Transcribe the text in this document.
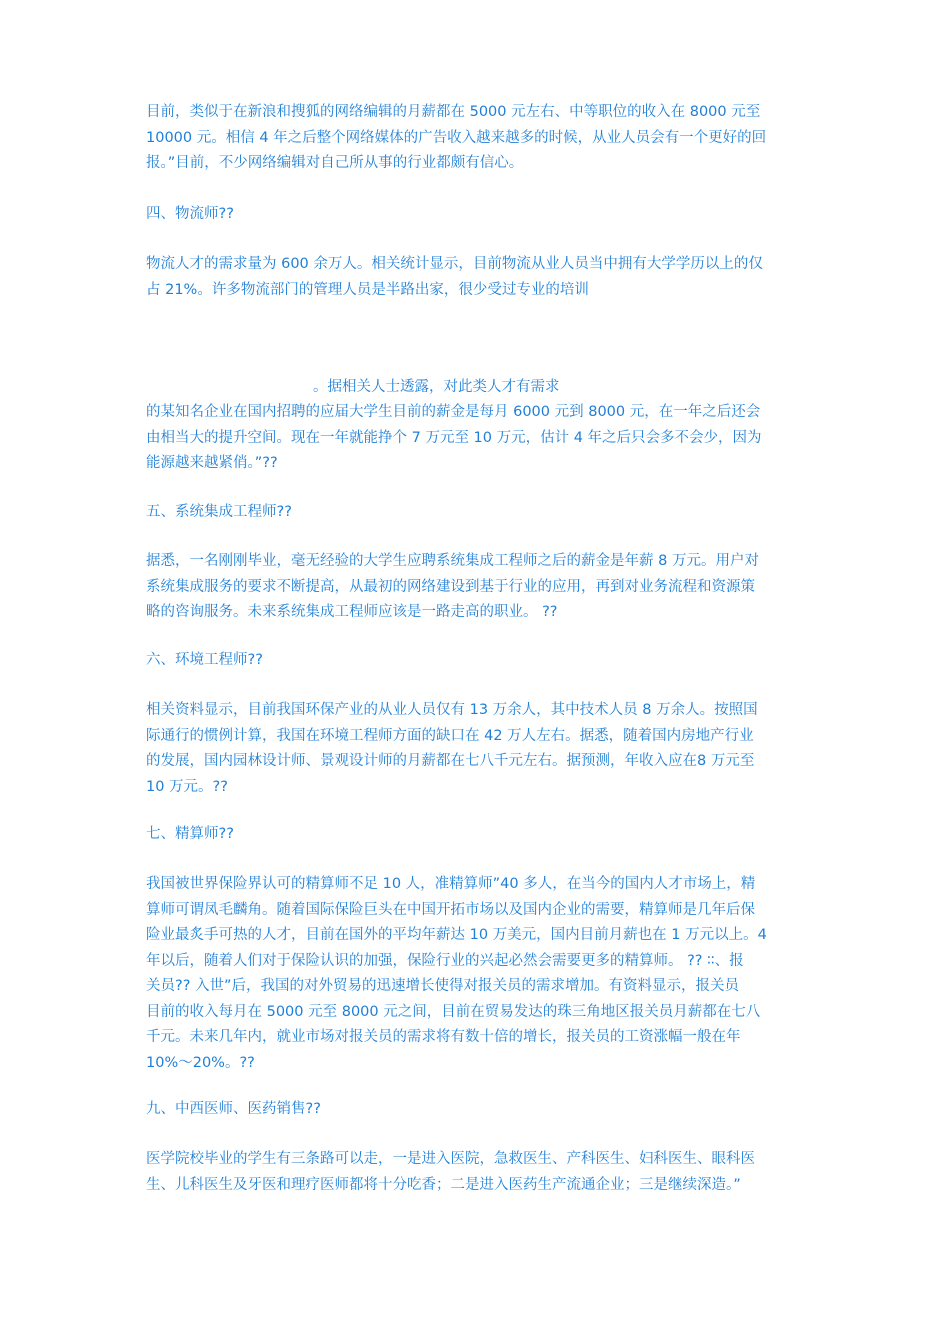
目前，类似于在新浪和搜狐的网络编辑的月薪都在 5000 元左右、中等职位的收入在 8000 元至
10000 元。相信 4 年之后整个网络媒体的广告收入越来越多的时候，从业人员会有一个更好的回
报。”目前，不少网络编辑对自己所从事的行业都颇有信心。
四、物流师??
物流人才的需求量为 600 余万人。相关统计显示，目前物流从业人员当中拥有大学学历以上的仅
占 21%。许多物流部门的管理人员是半路出家，很少受过专业的培训
。据相关人士透露，对此类人才有需求
的某知名企业在国内招聘的应届大学生目前的薪金是每月 6000 元到 8000 元，在一年之后还会
由相当大的提升空间。现在一年就能挣个 7 万元至 10 万元，估计 4 年之后只会多不会少，因为
能源越来越紧俏。”??
五、系统集成工程师??
据悉，一名刚刚毕业，毫无经验的大学生应聘系统集成工程师之后的薪金是年薪 8 万元。用户对
系统集成服务的要求不断提高，从最初的网络建设到基于行业的应用，再到对业务流程和资源策
略的咨询服务。未来系统集成工程师应该是一路走高的职业。 ??
六、环境工程师??
相关资料显示，目前我国环保产业的从业人员仅有 13 万余人，其中技术人员 8 万余人。按照国
际通行的惯例计算，我国在环境工程师方面的缺口在 42 万人左右。据悉，随着国内房地产行业
的发展，国内园林设计师、景观设计师的月薪都在七八千元左右。据预测，年收入应在8 万元至
10 万元。??
七、精算师??
我国被世界保险界认可的精算师不足 10 人，准精算师”40 多人，在当今的国内人才市场上，精
算师可谓凤毛麟角。随着国际保险巨头在中国开拓市场以及国内企业的需要，精算师是几年后保
险业最炙手可热的人才，目前在国外的平均年薪达 10 万美元，国内目前月薪也在 1 万元以上。4
年以后，随着人们对于保险认识的加强，保险行业的兴起必然会需要更多的精算师。 ?? ∶∶、报
关员?? 入世”后，我国的对外贸易的迅速增长使得对报关员的需求增加。有资料显示，报关员
目前的收入每月在 5000 元至 8000 元之间，目前在贸易发达的珠三角地区报关员月薪都在七八
千元。未来几年内，就业市场对报关员的需求将有数十倍的增长，报关员的工资涨幅一般在年
10%～20%。??
九、中西医师、医药销售??
医学院校毕业的学生有三条路可以走，一是进入医院，急救医生、产科医生、妇科医生、眼科医
生、儿科医生及牙医和理疗医师都将十分吃香；二是进入医药生产流通企业；三是继续深造。”
